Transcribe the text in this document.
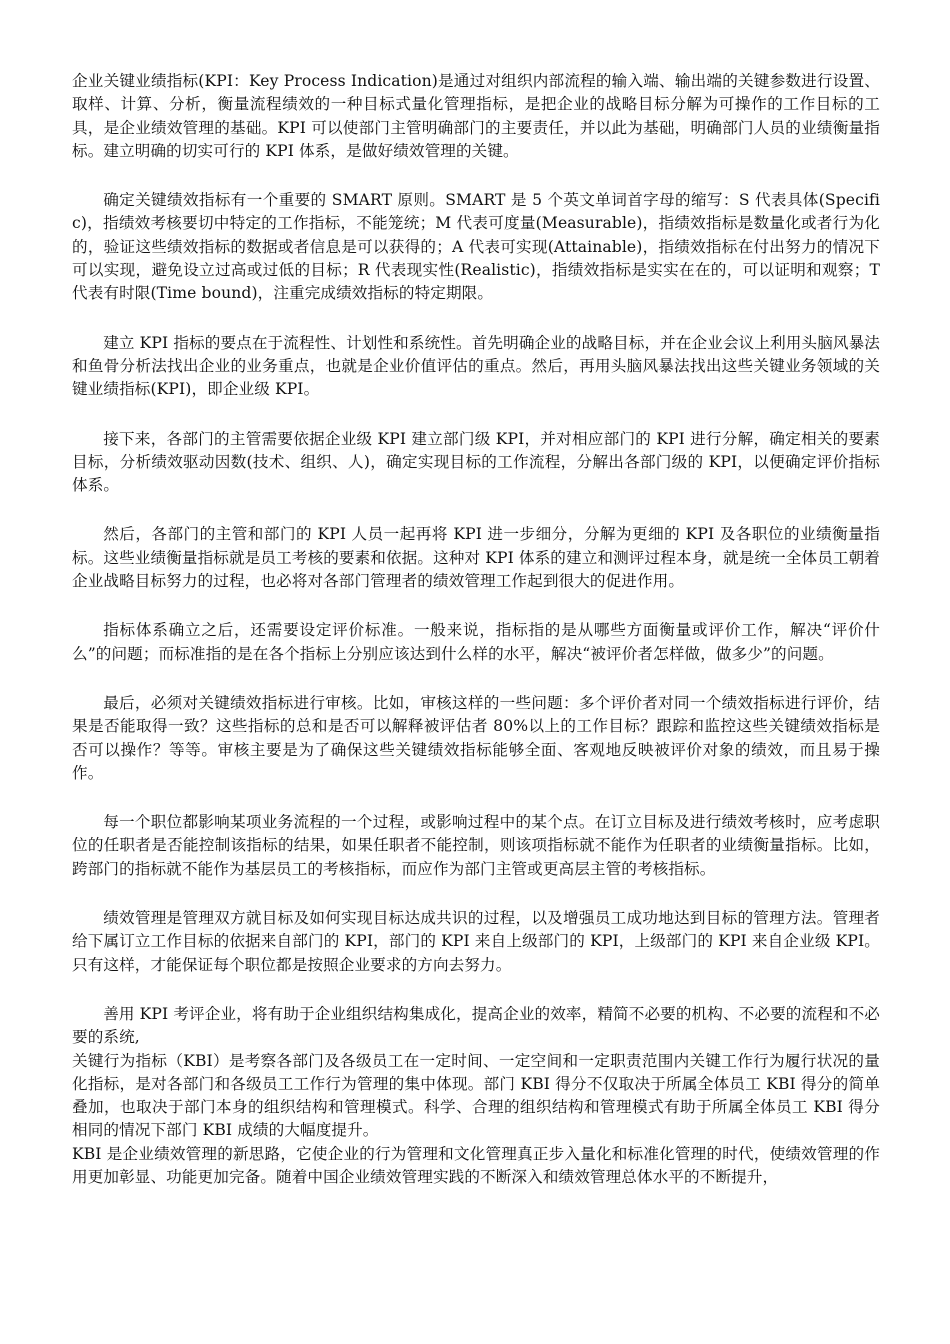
企业关键业绩指标(KPI：Key Process Indication)是通过对组织内部流程的输入端、输出端的关键参数进行设置、取样、计算、分析，衡量流程绩效的一种目标式量化管理指标，是把企业的战略目标分解为可操作的工作目标的工具，是企业绩效管理的基础。KPI 可以使部门主管明确部门的主要责任，并以此为基础，明确部门人员的业绩衡量指标。建立明确的切实可行的 KPI 体系，是做好绩效管理的关键。

确定关键绩效指标有一个重要的 SMART 原则。SMART 是 5 个英文单词首字母的缩写：S 代表具体(Specific)，指绩效考核要切中特定的工作指标，不能笼统；M 代表可度量(Measurable)，指绩效指标是数量化或者行为化的，验证这些绩效指标的数据或者信息是可以获得的；A 代表可实现(Attainable)，指绩效指标在付出努力的情况下可以实现，避免设立过高或过低的目标；R 代表现实性(Realistic)，指绩效指标是实实在在的，可以证明和观察；T 代表有时限(Time bound)，注重完成绩效指标的特定期限。

建立 KPI 指标的要点在于流程性、计划性和系统性。首先明确企业的战略目标，并在企业会议上利用头脑风暴法和鱼骨分析法找出企业的业务重点，也就是企业价值评估的重点。然后，再用头脑风暴法找出这些关键业务领域的关键业绩指标(KPI)，即企业级 KPI。

接下来，各部门的主管需要依据企业级 KPI 建立部门级 KPI，并对相应部门的 KPI 进行分解，确定相关的要素目标，分析绩效驱动因数(技术、组织、人)，确定实现目标的工作流程，分解出各部门级的 KPI，以便确定评价指标体系。

然后，各部门的主管和部门的 KPI 人员一起再将 KPI 进一步细分，分解为更细的 KPI 及各职位的业绩衡量指标。这些业绩衡量指标就是员工考核的要素和依据。这种对 KPI 体系的建立和测评过程本身，就是统一全体员工朝着企业战略目标努力的过程，也必将对各部门管理者的绩效管理工作起到很大的促进作用。

指标体系确立之后，还需要设定评价标准。一般来说，指标指的是从哪些方面衡量或评价工作，解决“评价什么”的问题；而标准指的是在各个指标上分别应该达到什么样的水平，解决“被评价者怎样做，做多少”的问题。

最后，必须对关键绩效指标进行审核。比如，审核这样的一些问题：多个评价者对同一个绩效指标进行评价，结果是否能取得一致？这些指标的总和是否可以解释被评估者 80%以上的工作目标？跟踪和监控这些关键绩效指标是否可以操作？等等。审核主要是为了确保这些关键绩效指标能够全面、客观地反映被评价对象的绩效，而且易于操作。

每一个职位都影响某项业务流程的一个过程，或影响过程中的某个点。在订立目标及进行绩效考核时，应考虑职位的任职者是否能控制该指标的结果，如果任职者不能控制，则该项指标就不能作为任职者的业绩衡量指标。比如，跨部门的指标就不能作为基层员工的考核指标，而应作为部门主管或更高层主管的考核指标。

绩效管理是管理双方就目标及如何实现目标达成共识的过程，以及增强员工成功地达到目标的管理方法。管理者给下属订立工作目标的依据来自部门的 KPI，部门的 KPI 来自上级部门的 KPI，上级部门的 KPI 来自企业级 KPI。只有这样，才能保证每个职位都是按照企业要求的方向去努力。

善用 KPI 考评企业，将有助于企业组织结构集成化，提高企业的效率，精简不必要的机构、不必要的流程和不必要的系统,

关键行为指标（KBI）是考察各部门及各级员工在一定时间、一定空间和一定职责范围内关键工作行为履行状况的量化指标，是对各部门和各级员工工作行为管理的集中体现。部门 KBI 得分不仅取决于所属全体员工 KBI 得分的简单叠加，也取决于部门本身的组织结构和管理模式。科学、合理的组织结构和管理模式有助于所属全体员工 KBI 得分相同的情况下部门 KBI 成绩的大幅度提升。

KBI 是企业绩效管理的新思路，它使企业的行为管理和文化管理真正步入量化和标准化管理的时代，使绩效管理的作用更加彰显、功能更加完备。随着中国企业绩效管理实践的不断深入和绩效管理总体水平的不断提升，
